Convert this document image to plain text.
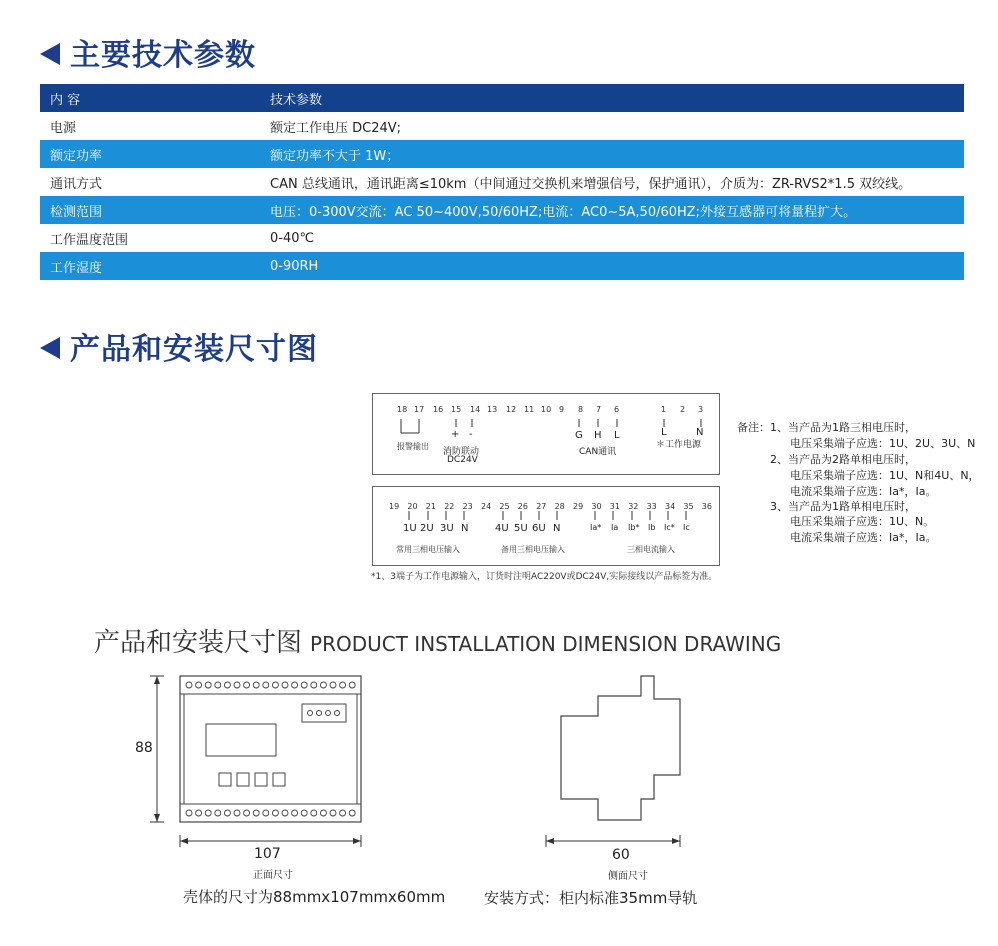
主要技术参数
内 容	技术参数
电源	额定工作电压 DC24V;
额定功率	额定功率不大于 1W；
通讯方式	CAN 总线通讯，通讯距离≤10km（中间通过交换机来增强信号，保护通讯），介质为：ZR-RVS2*1.5 双绞线。
检测范围	电压：0-300V交流：AC 50~400V,50/60HZ;电流：AC0~5A,50/60HZ;外接互感器可将量程扩大。
工作温度范围	0-40℃
工作湿度	0-90RH
产品和安装尺寸图
18 17 16 15 14 13 12 11 10 9 8 7 6	1 2 3
+ -
报警输出
消防联动
DC24V
G H L
CAN通讯
L	N
＊工作电源
19 20 21 22 23 24 25 26 27 28 29 30 31 32 33 34 35 36
1U 2U 3U N	4U 5U 6U N	Ia* Ia Ib* Ib Ic* Ic
常用三相电压输入	备用三相电压输入	三相电流输入
*1、3端子为工作电源输入，订货时注明AC220V或DC24V,实际接线以产品标签为准。
备注：1、当产品为1路三相电压时，
电压采集端子应选：1U、2U、3U、N
2、当产品为2路单相电压时，
电压采集端子应选：1U、N和4U、N，
电流采集端子应选：Ia*，Ia。
3、当产品为1路单相电压时，
电压采集端子应选：1U、N。
电流采集端子应选：Ia*，Ia。
产品和安装尺寸图 PRODUCT INSTALLATION DIMENSION DRAWING
88
107
正面尺寸
60
侧面尺寸
壳体的尺寸为88mmx107mmx60mm	安装方式：柜内标准35mm导轨
